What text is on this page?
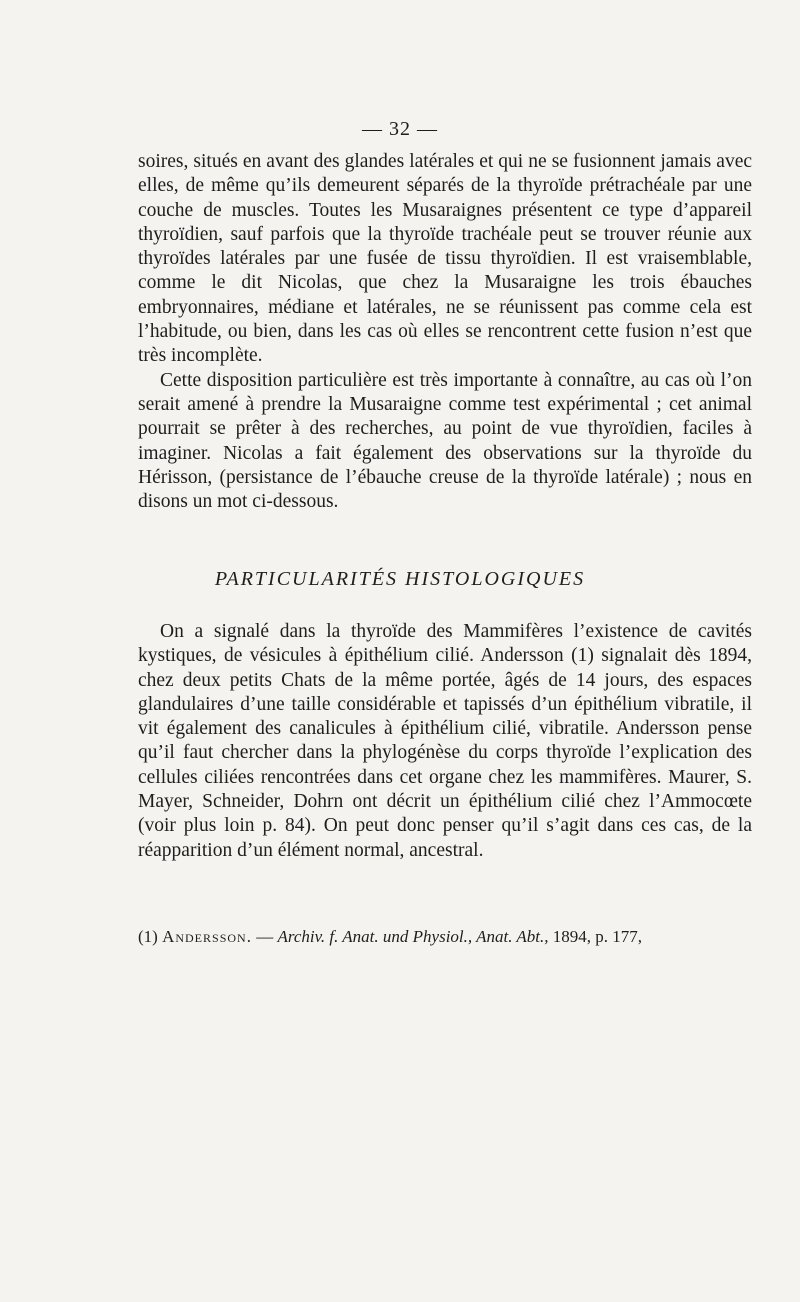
— 32 —

soires, situés en avant des glandes latérales et qui ne se fusionnent jamais avec elles, de même qu’ils demeurent séparés de la thyroïde prétrachéale par une couche de muscles. Toutes les Musaraignes présentent ce type d’appareil thyroïdien, sauf parfois que la thyroïde trachéale peut se trouver réunie aux thyroïdes latérales par une fusée de tissu thyroïdien. Il est vraisemblable, comme le dit Nicolas, que chez la Musaraigne les trois ébauches embryonnaires, médiane et latérales, ne se réunissent pas comme cela est l’habitude, ou bien, dans les cas où elles se rencontrent cette fusion n’est que très incomplète.

Cette disposition particulière est très importante à connaître, au cas où l’on serait amené à prendre la Musaraigne comme test expérimental ; cet animal pourrait se prêter à des recherches, au point de vue thyroïdien, faciles à imaginer. Nicolas a fait également des observations sur la thyroïde du Hérisson, (persistance de l’ébauche creuse de la thyroïde latérale) ; nous en disons un mot ci-dessous.

PARTICULARITÉS HISTOLOGIQUES

On a signalé dans la thyroïde des Mammifères l’existence de cavités kystiques, de vésicules à épithélium cilié. Andersson (1) signalait dès 1894, chez deux petits Chats de la même portée, âgés de 14 jours, des espaces glandulaires d’une taille considérable et tapissés d’un épithélium vibratile, il vit également des canalicules à épithélium cilié, vibratile. Andersson pense qu’il faut chercher dans la phylogénèse du corps thyroïde l’explication des cellules ciliées rencontrées dans cet organe chez les mammifères. Maurer, S. Mayer, Schneider, Dohrn ont décrit un épithélium cilié chez l’Ammocœte (voir plus loin p. 84). On peut donc penser qu’il s’agit dans ces cas, de la réapparition d’un élément normal, ancestral.

(1) Andersson. — Archiv. f. Anat. und Physiol., Anat. Abt., 1894, p. 177,
